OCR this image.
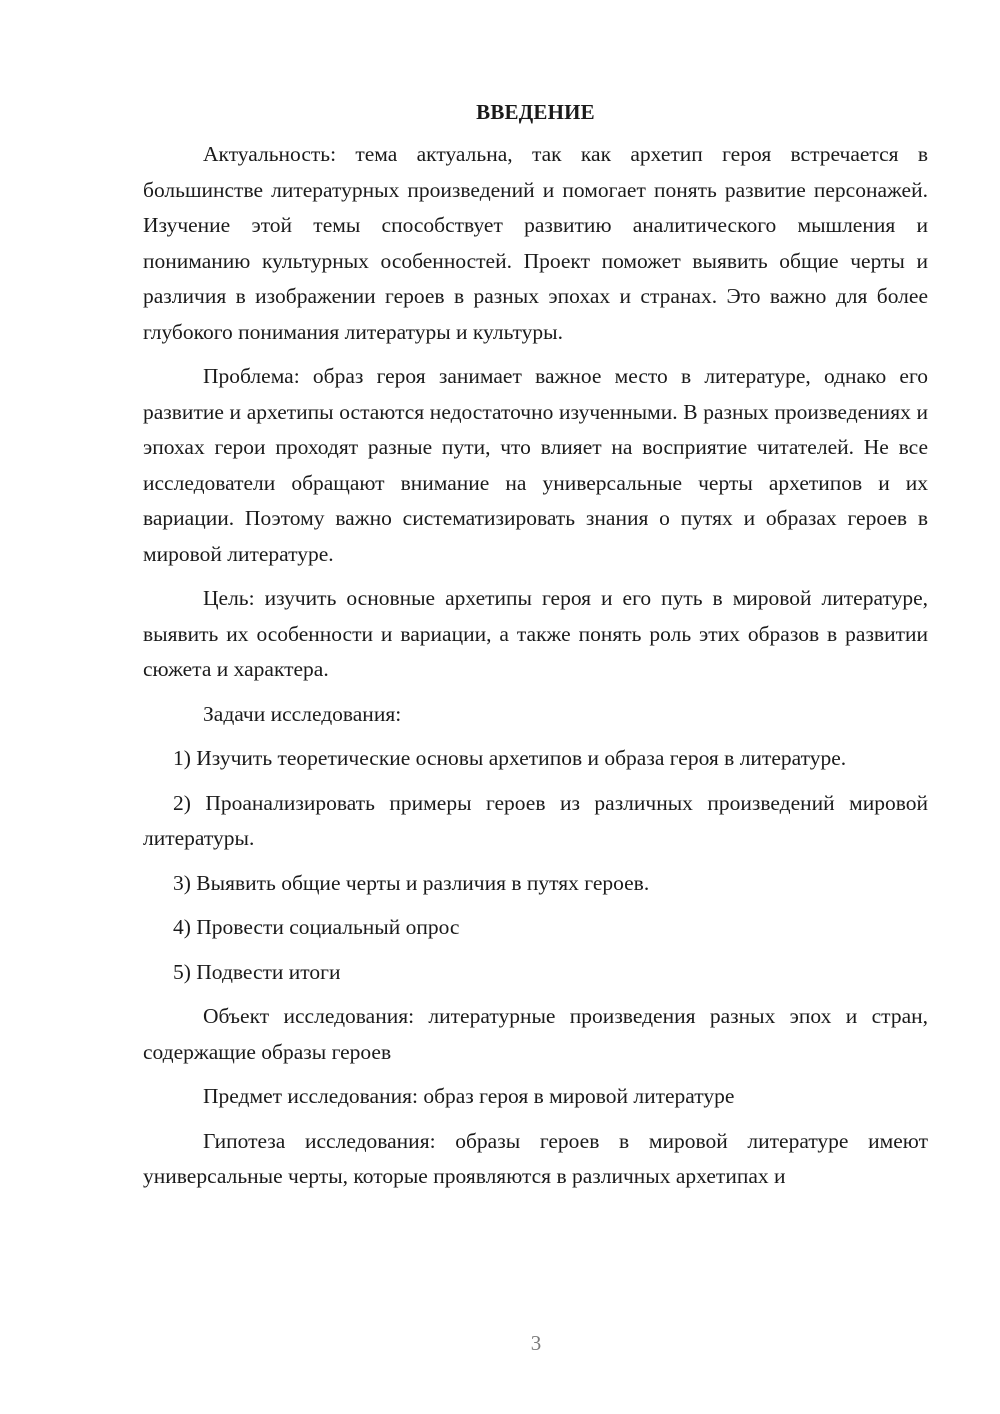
ВВЕДЕНИЕ

Актуальность: тема актуальна, так как архетип героя встречается в большинстве литературных произведений и помогает понять развитие персонажей. Изучение этой темы способствует развитию аналитического мышления и пониманию культурных особенностей. Проект поможет выявить общие черты и различия в изображении героев в разных эпохах и странах. Это важно для более глубокого понимания литературы и культуры.

Проблема: образ героя занимает важное место в литературе, однако его развитие и архетипы остаются недостаточно изученными. В разных произведениях и эпохах герои проходят разные пути, что влияет на восприятие читателей. Не все исследователи обращают внимание на универсальные черты архетипов и их вариации. Поэтому важно систематизировать знания о путях и образах героев в мировой литературе.

Цель: изучить основные архетипы героя и его путь в мировой литературе, выявить их особенности и вариации, а также понять роль этих образов в развитии сюжета и характера.

Задачи исследования:

1) Изучить теоретические основы архетипов и образа героя в литературе.

2) Проанализировать примеры героев из различных произведений мировой литературы.

3) Выявить общие черты и различия в путях героев.

4) Провести социальный опрос

5) Подвести итоги

Объект исследования: литературные произведения разных эпох и стран, содержащие образы героев

Предмет исследования: образ героя в мировой литературе

Гипотеза исследования: образы героев в мировой литературе имеют универсальные черты, которые проявляются в различных архетипах и

3
